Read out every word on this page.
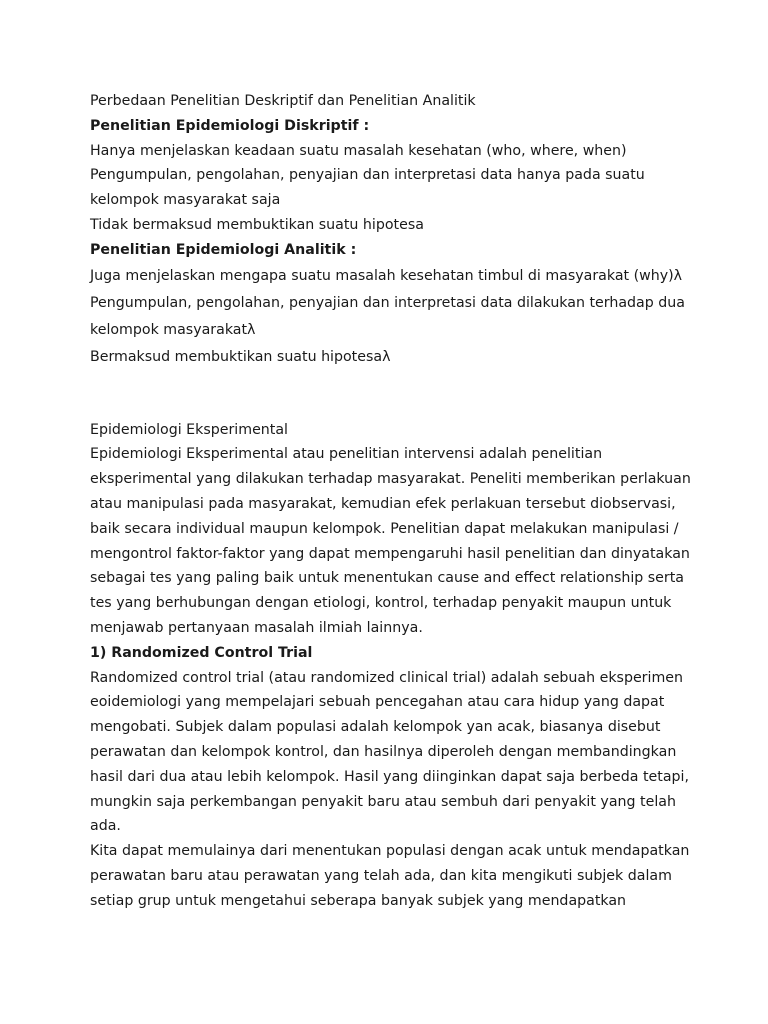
Perbedaan Penelitian Deskriptif dan Penelitian Analitik
Penelitian Epidemiologi Diskriptif :
Hanya menjelaskan keadaan suatu masalah kesehatan (who, where, when)
Pengumpulan, pengolahan, penyajian dan interpretasi data hanya pada suatu
kelompok masyarakat saja
Tidak bermaksud membuktikan suatu hipotesa
Penelitian Epidemiologi Analitik :
Juga menjelaskan mengapa suatu masalah kesehatan timbul di masyarakat (why)λ
Pengumpulan, pengolahan, penyajian dan interpretasi data dilakukan terhadap dua
kelompok masyarakatλ
Bermaksud membuktikan suatu hipotesaλ
Epidemiologi Eksperimental
Epidemiologi Eksperimental atau penelitian intervensi adalah penelitian
eksperimental yang dilakukan terhadap masyarakat. Peneliti memberikan perlakuan
atau manipulasi pada masyarakat, kemudian efek perlakuan tersebut diobservasi,
baik secara individual maupun kelompok. Penelitian dapat melakukan manipulasi /
mengontrol faktor-faktor yang dapat mempengaruhi hasil penelitian dan dinyatakan
sebagai tes yang paling baik untuk menentukan cause and effect relationship serta
tes yang berhubungan dengan etiologi, kontrol, terhadap penyakit maupun untuk
menjawab pertanyaan masalah ilmiah lainnya.
1) Randomized Control Trial
Randomized control trial (atau randomized clinical trial) adalah sebuah eksperimen
eoidemiologi yang mempelajari sebuah pencegahan atau cara hidup yang dapat
mengobati. Subjek dalam populasi adalah kelompok yan acak, biasanya disebut
perawatan dan kelompok kontrol, dan hasilnya diperoleh dengan membandingkan
hasil dari dua atau lebih kelompok. Hasil yang diinginkan dapat saja berbeda tetapi,
mungkin saja perkembangan penyakit baru atau sembuh dari penyakit yang telah
ada.
Kita dapat memulainya dari menentukan populasi dengan acak untuk mendapatkan
perawatan baru atau perawatan yang telah ada, dan kita mengikuti subjek dalam
setiap grup untuk mengetahui seberapa banyak subjek yang mendapatkan
